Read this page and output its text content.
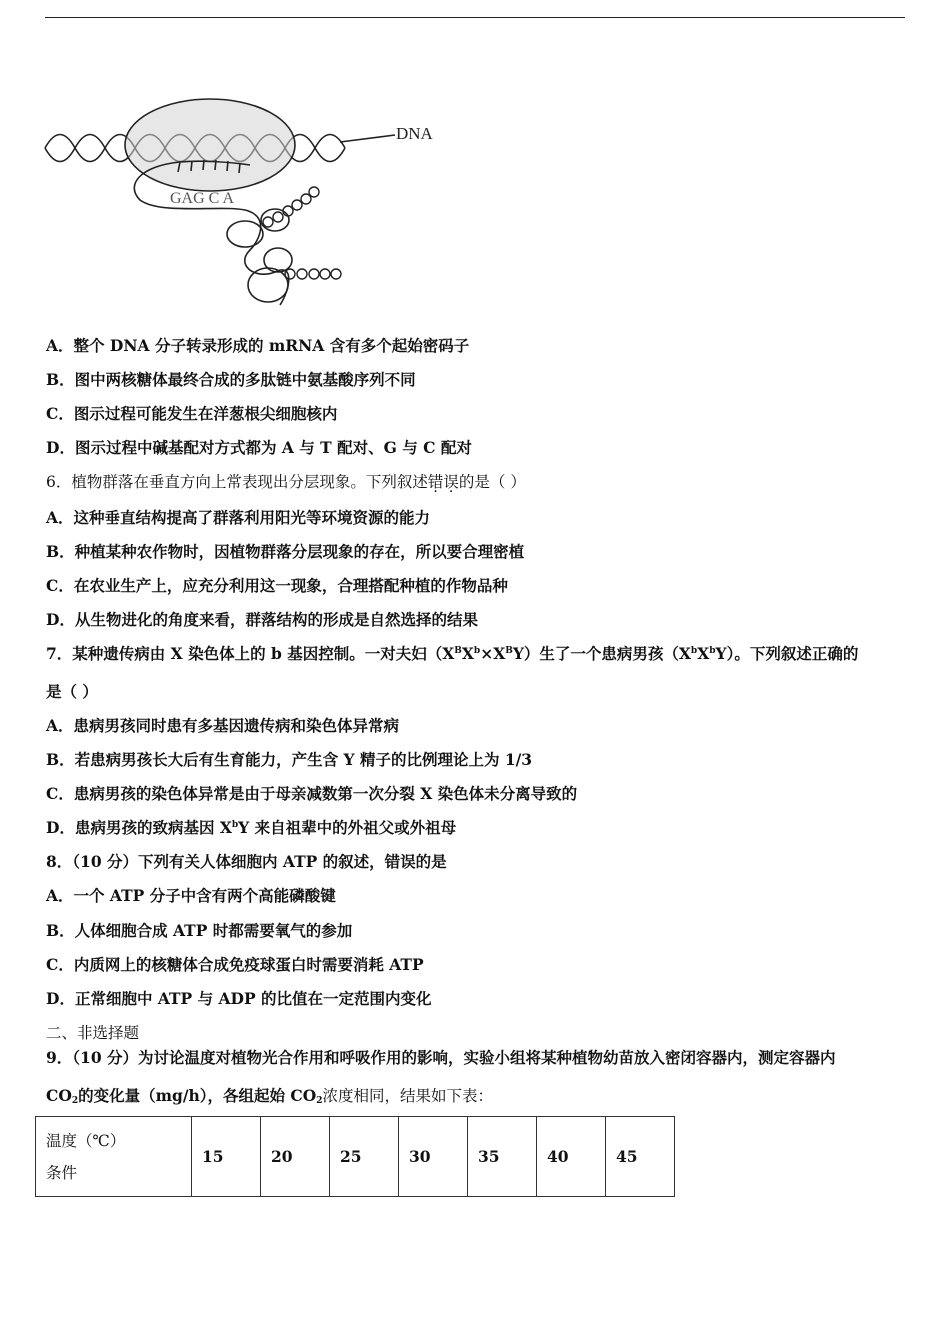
DNA
GAG C A
A．整个 DNA 分子转录形成的 mRNA 含有多个起始密码子
B．图中两核糖体最终合成的多肽链中氨基酸序列不同
C．图示过程可能发生在洋葱根尖细胞核内
D．图示过程中碱基配对方式都为 A 与 T 配对、G 与 C 配对
6．植物群落在垂直方向上常表现出分层现象。下列叙述错误的是（ ）
A．这种垂直结构提高了群落利用阳光等环境资源的能力
B．种植某种农作物时，因植物群落分层现象的存在，所以要合理密植
C．在农业生产上，应充分利用这一现象，合理搭配种植的作物品种
D．从生物进化的角度来看，群落结构的形成是自然选择的结果
7．某种遗传病由 X 染色体上的 b 基因控制。一对夫妇$(X^BX^b\times X^BY)$生了一个患病男孩$(X^bX^bY)$。下列叙述正确的
是（ ）
A．患病男孩同时患有多基因遗传病和染色体异常病
B．若患病男孩长大后有生育能力，产生含 Y 精子的比例理论上为 1/3
C．患病男孩的染色体异常是由于母亲减数第一次分裂 X 染色体未分离导致的
D．患病男孩的致病基因 $X^bY$ 来自祖辈中的外祖父或外祖母
8．（10 分）下列有关人体细胞内 ATP 的叙述，错误的是
A．一个 ATP 分子中含有两个高能磷酸键
B．人体细胞合成 ATP 时都需要氧气的参加
C．内质网上的核糖体合成免疫球蛋白时需要消耗 ATP
D．正常细胞中 ATP 与 ADP 的比值在一定范围内变化
二、非选择题
9．（10 分）为讨论温度对植物光合作用和呼吸作用的影响，实验小组将某种植物幼苗放入密闭容器内，测定容器内
$CO_2$的变化量（mg/h），各组起始 $CO_2$浓度相同，结果如下表：
温度（℃）
条件
	15	20	25	30	35	40	45
